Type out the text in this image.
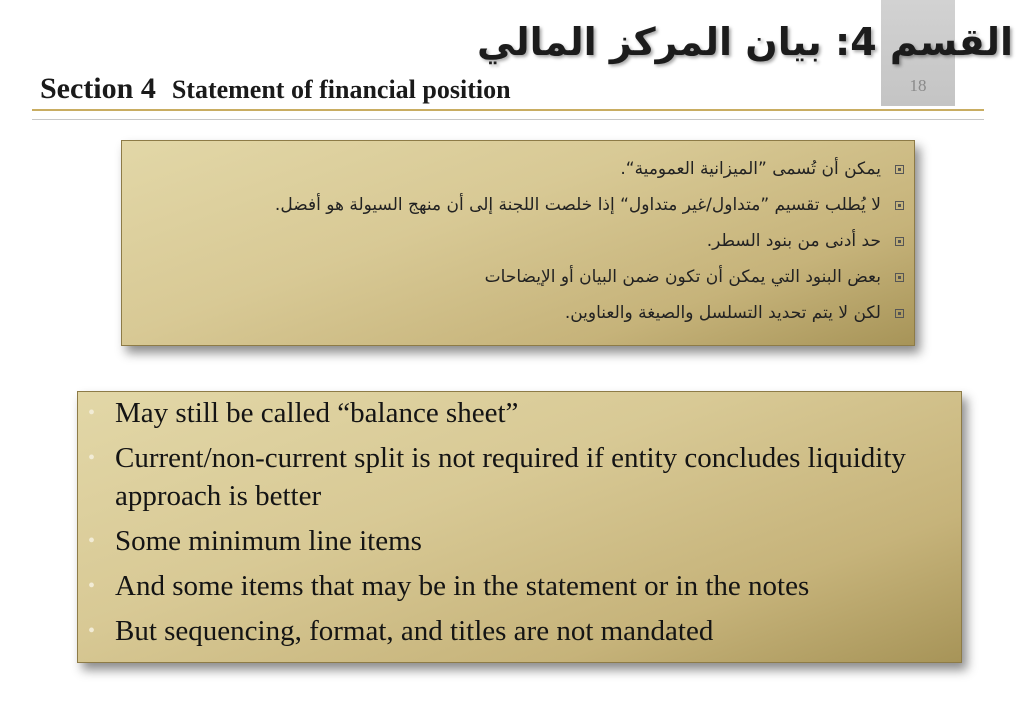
18
القسم 4: بيان المركز المالي
Section 4 Statement of financial position
يمكن أن تُسمى ”الميزانية العمومية“.
لا يُطلب تقسيم ”متداول/غير متداول“ إذا خلصت اللجنة إلى أن منهج السيولة هو أفضل.
حد أدنى من بنود السطر.
بعض البنود التي يمكن أن تكون ضمن البيان أو الإيضاحات
لكن لا يتم تحديد التسلسل والصيغة والعناوين.
• May still be called “balance sheet”
• Current/non-current split is not required if entity concludes liquidity approach is better
• Some minimum line items
• And some items that may be in the statement or in the notes
• But sequencing, format, and titles are not mandated
